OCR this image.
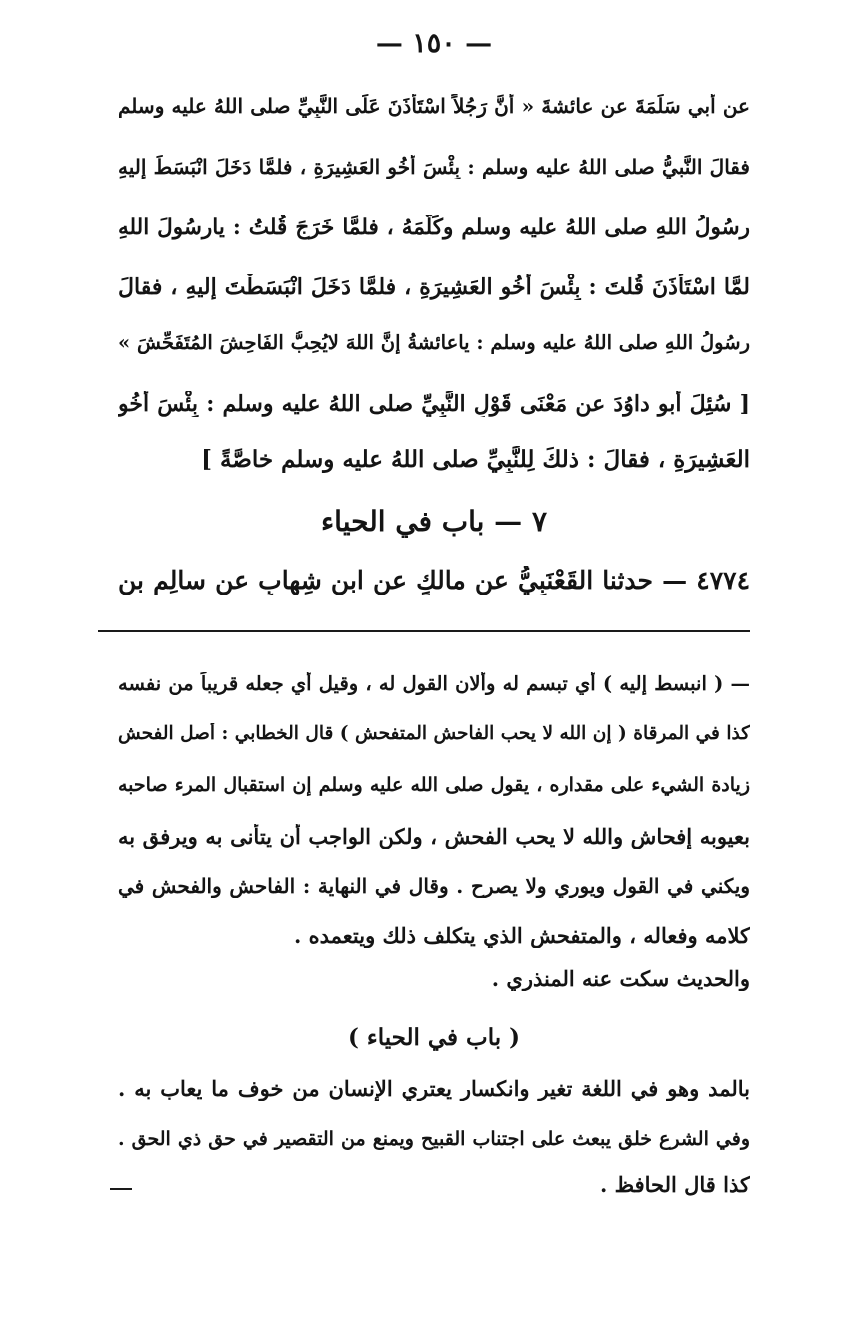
— ١٥٠ —
عن أبي سَلَمَةَ عن عائشةَ « أنَّ رَجُلاً اسْتَأْذَنَ عَلَى النَّبِيِّ صلى اللهُ عليه وسلم
فقالَ النَّبيُّ صلى اللهُ عليه وسلم : بِئْسَ أخُو العَشِيرَةِ ، فلمَّا دَخَلَ انْبَسَطَ إليهِ
رسُولُ اللهِ صلى اللهُ عليه وسلم وكَلَّمَهُ ، فلمَّا خَرَجَ قُلتُ : يارسُولَ اللهِ
لمَّا اسْتَأْذَنَ قُلتَ : بِئْسَ أخُو العَشِيرَةِ ، فلمَّا دَخَلَ انْبَسَطْتَ إليهِ ، فقالَ
رسُولُ اللهِ صلى اللهُ عليه وسلم : ياعائشةُ إنَّ اللهَ لايُحِبُّ الفَاحِشَ المُتَفَحِّشَ »
[ سُئِلَ أبو داوُدَ عن مَعْنَى قَوْلِ النَّبِيِّ صلى اللهُ عليه وسلم : بِئْسَ أخُو
العَشِيرَةِ ، فقالَ : ذلكَ لِلنَّبِيِّ صلى اللهُ عليه وسلم خاصَّةً ]
٧ — باب في الحياء
٤٧٧٤ — حدثنا القَعْنَبِيُّ عن مالكٍ عن ابن شِهابٍ عن سالِمِ بن
— ( انبسط إليه ) أي تبسم له وألان القول له ، وقيل أي جعله قريباً من نفسه
كذا في المرقاة ( إن الله لا يحب الفاحش المتفحش ) قال الخطابي : أصل الفحش
زيادة الشيء على مقداره ، يقول صلى الله عليه وسلم إن استقبال المرء صاحبه
بعيوبه إفحاش والله لا يحب الفحش ، ولكن الواجب أن يتأنى به ويرفق به
ويكني في القول ويوري ولا يصرح . وقال في النهاية : الفاحش والفحش في
كلامه وفعاله ، والمتفحش الذي يتكلف ذلك ويتعمده .
والحديث سكت عنه المنذري .
( باب في الحياء )
بالمد وهو في اللغة تغير وانكسار يعتري الإنسان من خوف ما يعاب به .
وفي الشرع خلق يبعث على اجتناب القبيح ويمنع من التقصير في حق ذي الحق .
كذا قال الحافظ .
